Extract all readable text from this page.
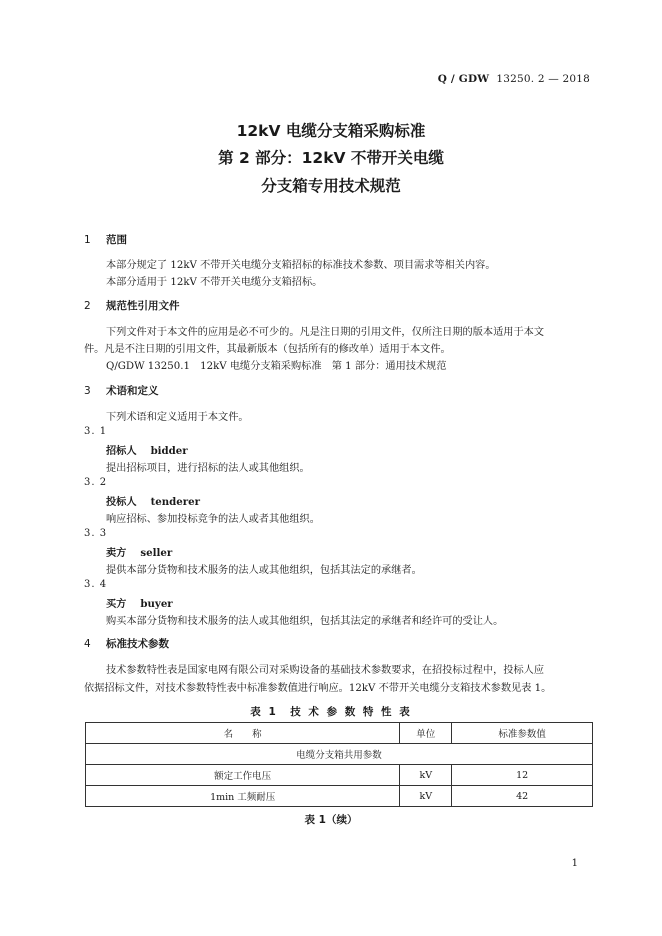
Q / GDW 13250. 2 — 2018
12kV 电缆分支箱采购标准
第 2 部分：12kV 不带开关电缆
分支箱专用技术规范
1 范围
本部分规定了 12kV 不带开关电缆分支箱招标的标准技术参数、项目需求等相关内容。
本部分适用于 12kV 不带开关电缆分支箱招标。
2 规范性引用文件
下列文件对于本文件的应用是必不可少的。凡是注日期的引用文件，仅所注日期的版本适用于本文
件。凡是不注日期的引用文件，其最新版本（包括所有的修改单）适用于本文件。
Q/GDW 13250.1　12kV 电缆分支箱采购标准　第 1 部分：通用技术规范
3 术语和定义
下列术语和定义适用于本文件。
3. 1
招标人 bidder
提出招标项目，进行招标的法人或其他组织。
3. 2
投标人 tenderer
响应招标、参加投标竞争的法人或者其他组织。
3. 3
卖方 seller
提供本部分货物和技术服务的法人或其他组织，包括其法定的承继者。
3. 4
买方 buyer
购买本部分货物和技术服务的法人或其他组织，包括其法定的承继者和经许可的受让人。
4 标准技术参数
技术参数特性表是国家电网有限公司对采购设备的基础技术参数要求，在招投标过程中，投标人应
依据招标文件，对技术参数特性表中标准参数值进行响应。12kV 不带开关电缆分支箱技术参数见表 1。
表 1　技 术 参 数 特 性 表
名　　称	单位	标准参数值
电缆分支箱共用参数		
额定工作电压	kV	12
1min 工频耐压	kV	42
表 1（续）
1
